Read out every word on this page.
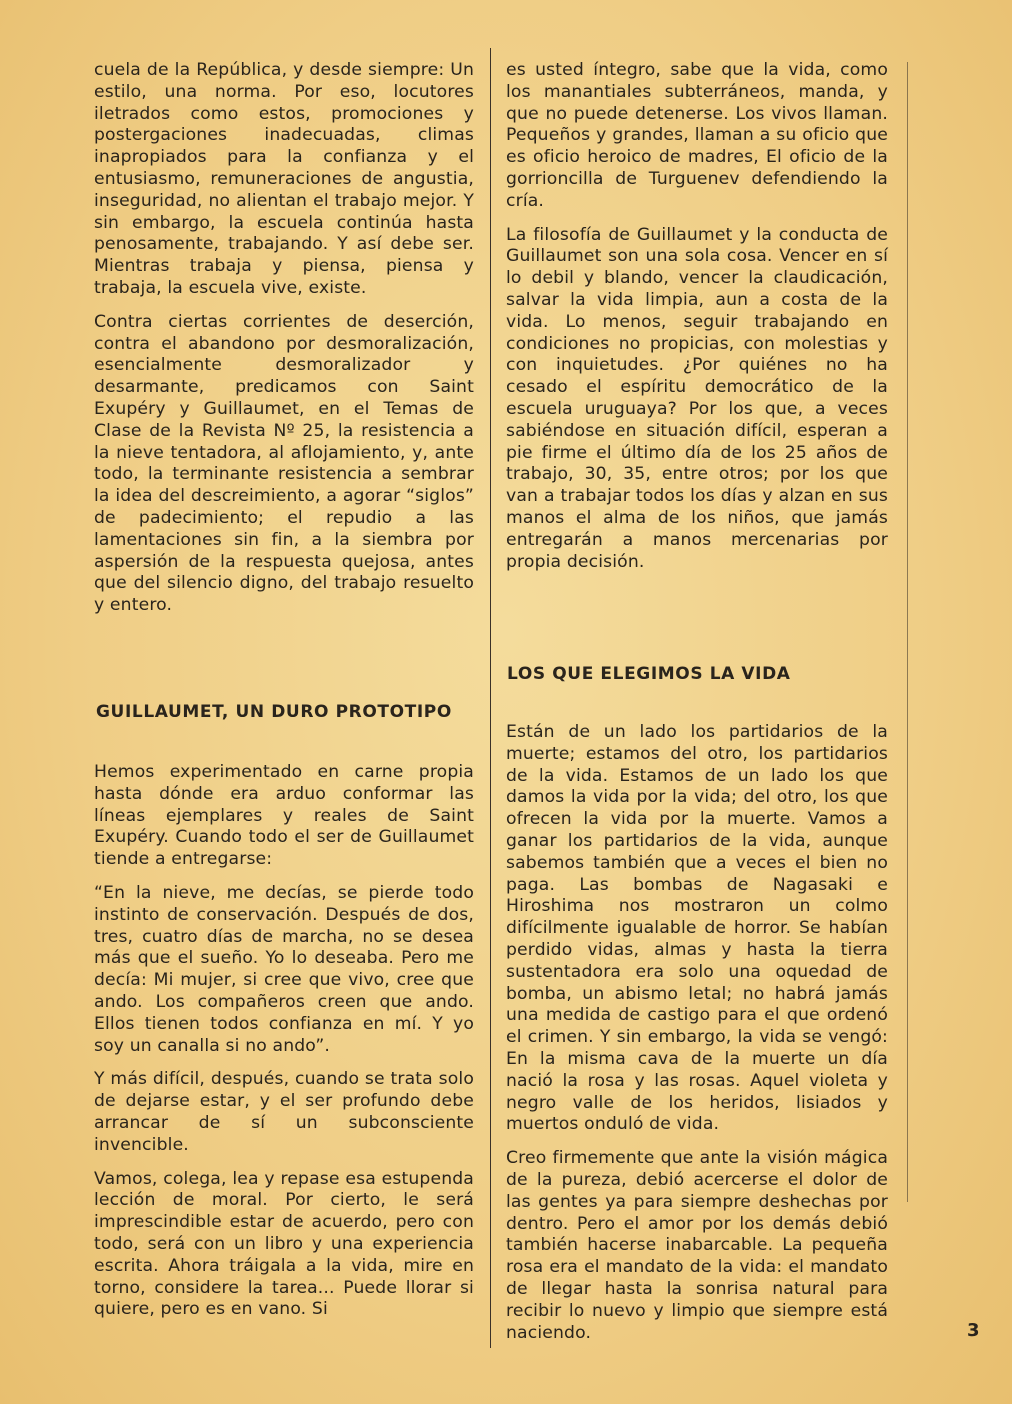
cuela de la República, y desde siempre: Un estilo, una norma. Por eso, locutores iletrados como estos, promociones y postergaciones inadecuadas, climas inapropiados para la confianza y el entusiasmo, remuneraciones de angustia, inseguridad, no alientan el trabajo mejor. Y sin embargo, la escuela continúa hasta penosamente, trabajando. Y así debe ser. Mientras trabaja y piensa, piensa y trabaja, la escuela vive, existe.

Contra ciertas corrientes de deserción, contra el abandono por desmoralización, esencialmente desmoralizador y desarmante, predicamos con Saint Exupéry y Guillaumet, en el Temas de Clase de la Revista Nº 25, la resistencia a la nieve tentadora, al aflojamiento, y, ante todo, la terminante resistencia a sembrar la idea del descreimiento, a agorar “siglos” de padecimiento; el repudio a las lamentaciones sin fin, a la siembra por aspersión de la respuesta quejosa, antes que del silencio digno, del trabajo resuelto y entero.

GUILLAUMET, UN DURO PROTOTIPO

Hemos experimentado en carne propia hasta dónde era arduo conformar las líneas ejemplares y reales de Saint Exupéry. Cuando todo el ser de Guillaumet tiende a entregarse:

“En la nieve, me decías, se pierde todo instinto de conservación. Después de dos, tres, cuatro días de marcha, no se desea más que el sueño. Yo lo deseaba. Pero me decía: Mi mujer, si cree que vivo, cree que ando. Los compañeros creen que ando. Ellos tienen todos confianza en mí. Y yo soy un canalla si no ando”.

Y más difícil, después, cuando se trata solo de dejarse estar, y el ser profundo debe arrancar de sí un subconsciente invencible.

Vamos, colega, lea y repase esa estupenda lección de moral. Por cierto, le será imprescindible estar de acuerdo, pero con todo, será con un libro y una experiencia escrita. Ahora tráigala a la vida, mire en torno, considere la tarea... Puede llorar si quiere, pero es en vano. Si

es usted íntegro, sabe que la vida, como los manantiales subterráneos, manda, y que no puede detenerse. Los vivos llaman. Pequeños y grandes, llaman a su oficio que es oficio heroico de madres, El oficio de la gorrioncilla de Turguenev defendiendo la cría.

La filosofía de Guillaumet y la conducta de Guillaumet son una sola cosa. Vencer en sí lo debil y blando, vencer la claudicación, salvar la vida limpia, aun a costa de la vida. Lo menos, seguir trabajando en condiciones no propicias, con molestias y con inquietudes. ¿Por quiénes no ha cesado el espíritu democrático de la escuela uruguaya? Por los que, a veces sabiéndose en situación difícil, esperan a pie firme el último día de los 25 años de trabajo, 30, 35, entre otros; por los que van a trabajar todos los días y alzan en sus manos el alma de los niños, que jamás entregarán a manos mercenarias por propia decisión.

LOS QUE ELEGIMOS LA VIDA

Están de un lado los partidarios de la muerte; estamos del otro, los partidarios de la vida. Estamos de un lado los que damos la vida por la vida; del otro, los que ofrecen la vida por la muerte. Vamos a ganar los partidarios de la vida, aunque sabemos también que a veces el bien no paga. Las bombas de Nagasaki e Hiroshima nos mostraron un colmo difícilmente igualable de horror. Se habían perdido vidas, almas y hasta la tierra sustentadora era solo una oquedad de bomba, un abismo letal; no habrá jamás una medida de castigo para el que ordenó el crimen. Y sin embargo, la vida se vengó: En la misma cava de la muerte un día nació la rosa y las rosas. Aquel violeta y negro valle de los heridos, lisiados y muertos onduló de vida.

Creo firmemente que ante la visión mágica de la pureza, debió acercerse el dolor de las gentes ya para siempre deshechas por dentro. Pero el amor por los demás debió también hacerse inabarcable. La pequeña rosa era el mandato de la vida: el mandato de llegar hasta la sonrisa natural para recibir lo nuevo y limpio que siempre está naciendo.	3
